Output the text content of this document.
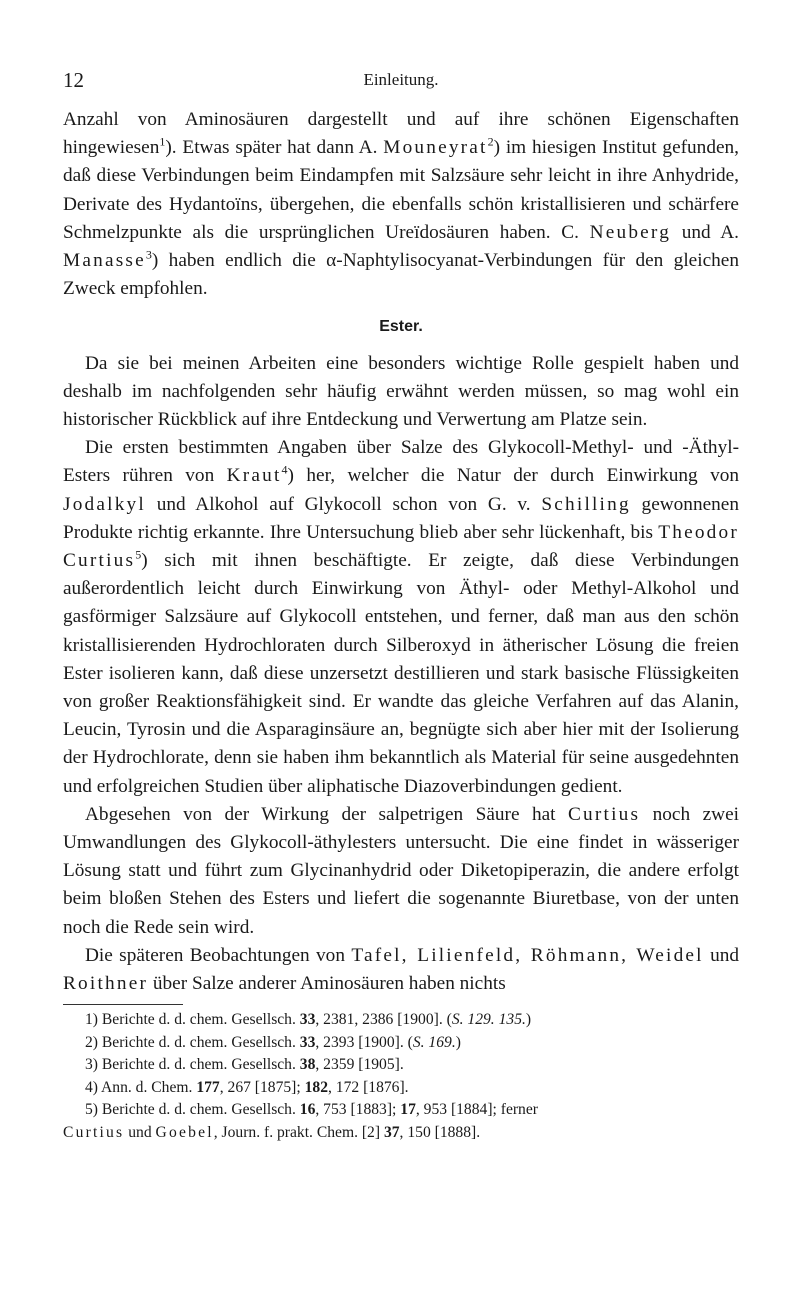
12	Einleitung.

Anzahl von Aminosäuren dargestellt und auf ihre schönen Eigenschaften hingewiesen$^1$). Etwas später hat dann A. Mouneyrat$^2$) im hiesigen Institut gefunden, daß diese Verbindungen beim Eindampfen mit Salzsäure sehr leicht in ihre Anhydride, Derivate des Hydantoïns, übergehen, die ebenfalls schön kristallisieren und schärfere Schmelzpunkte als die ursprünglichen Ureïdosäuren haben. C. Neuberg und A. Manasse$^3$) haben endlich die α-Naphtylisocyanat-Verbindungen für den gleichen Zweck empfohlen.

Ester.

Da sie bei meinen Arbeiten eine besonders wichtige Rolle gespielt haben und deshalb im nachfolgenden sehr häufig erwähnt werden müssen, so mag wohl ein historischer Rückblick auf ihre Entdeckung und Verwertung am Platze sein.

Die ersten bestimmten Angaben über Salze des Glykocoll-Methyl- und -Äthyl-Esters rühren von Kraut$^4$) her, welcher die Natur der durch Einwirkung von Jodalkyl und Alkohol auf Glykocoll schon von G. v. Schilling gewonnenen Produkte richtig erkannte. Ihre Untersuchung blieb aber sehr lückenhaft, bis Theodor Curtius$^5$) sich mit ihnen beschäftigte. Er zeigte, daß diese Verbindungen außerordentlich leicht durch Einwirkung von Äthyl- oder Methyl-Alkohol und gasförmiger Salzsäure auf Glykocoll entstehen, und ferner, daß man aus den schön kristallisierenden Hydrochloraten durch Silberoxyd in ätherischer Lösung die freien Ester isolieren kann, daß diese unzersetzt destillieren und stark basische Flüssigkeiten von großer Reaktionsfähigkeit sind. Er wandte das gleiche Verfahren auf das Alanin, Leucin, Tyrosin und die Asparaginsäure an, begnügte sich aber hier mit der Isolierung der Hydrochlorate, denn sie haben ihm bekanntlich als Material für seine ausgedehnten und erfolgreichen Studien über aliphatische Diazoverbindungen gedient.

Abgesehen von der Wirkung der salpetrigen Säure hat Curtius noch zwei Umwandlungen des Glykocoll-äthylesters untersucht. Die eine findet in wässeriger Lösung statt und führt zum Glycinanhydrid oder Diketopiperazin, die andere erfolgt beim bloßen Stehen des Esters und liefert die sogenannte Biuretbase, von der unten noch die Rede sein wird.

Die späteren Beobachtungen von Tafel, Lilienfeld, Röhmann, Weidel und Roithner über Salze anderer Aminosäuren haben nichts

1) Berichte d. d. chem. Gesellsch. 33, 2381, 2386 [1900]. (S. 129. 135.)

2) Berichte d. d. chem. Gesellsch. 33, 2393 [1900]. (S. 169.)

3) Berichte d. d. chem. Gesellsch. 38, 2359 [1905].

4) Ann. d. Chem. 177, 267 [1875]; 182, 172 [1876].

5) Berichte d. d. chem. Gesellsch. 16, 753 [1883]; 17, 953 [1884]; ferner

Curtius und Goebel, Journ. f. prakt. Chem. [2] 37, 150 [1888].
